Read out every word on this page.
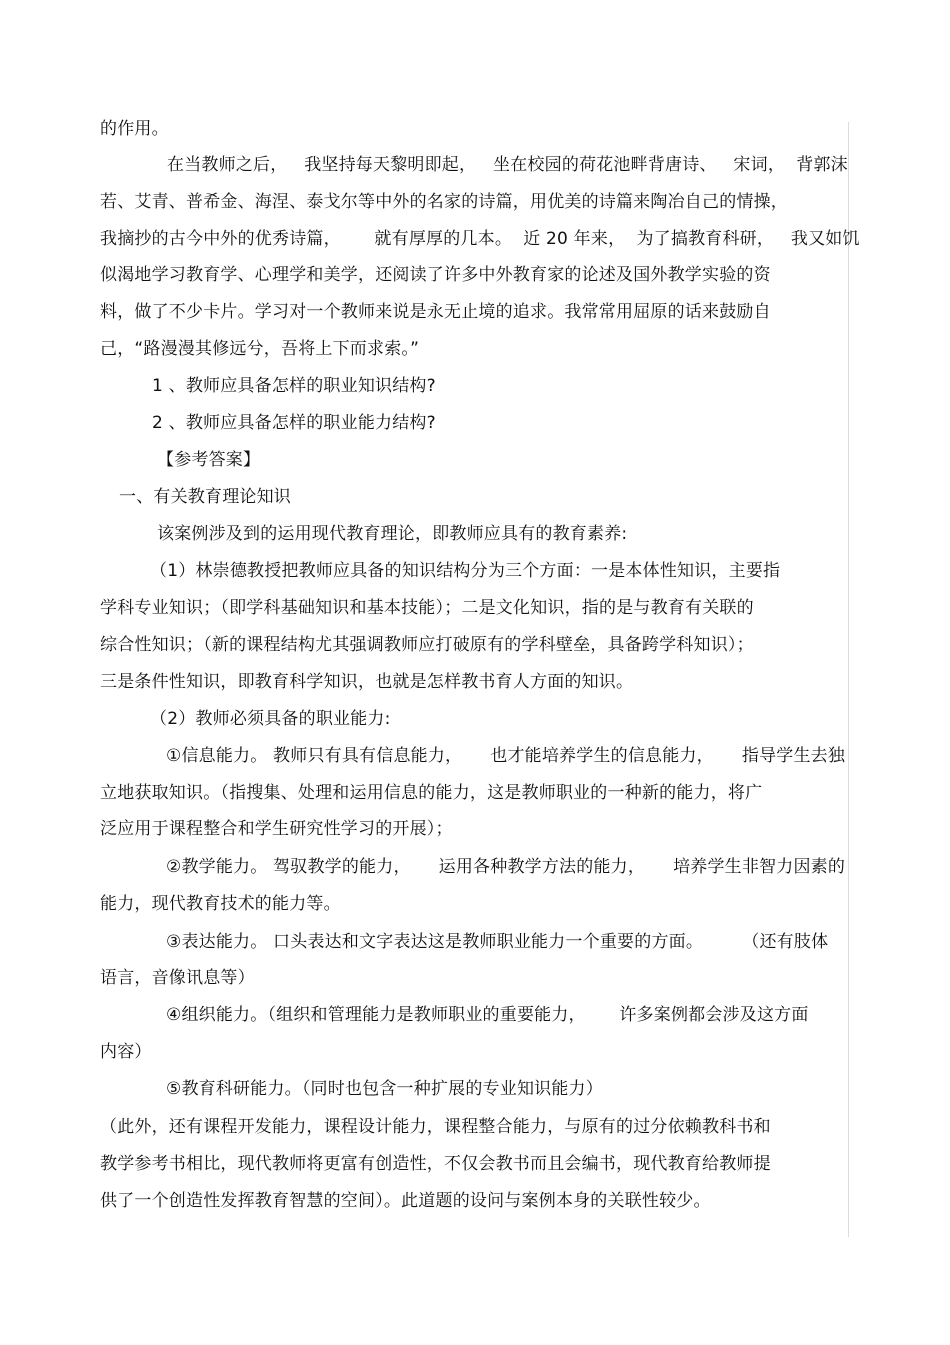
的作用。
在当教师之后，   我坚持每天黎明即起，   坐在校园的荷花池畔背唐诗、   宋词，  背郭沫
若、艾青、普希金、海涅、泰戈尔等中外的名家的诗篇，用优美的诗篇来陶冶自己的情操，
我摘抄的古今中外的优秀诗篇，      就有厚厚的几本。  近 20 年来，  为了搞教育科研，   我又如饥
似渴地学习教育学、心理学和美学，还阅读了许多中外教育家的论述及国外教学实验的资
料，做了不少卡片。学习对一个教师来说是永无止境的追求。我常常用屈原的话来鼓励自
己，“路漫漫其修远兮，吾将上下而求索。”
1 、教师应具备怎样的职业知识结构?
2 、教师应具备怎样的职业能力结构?
【参考答案】
一、有关教育理论知识
该案例涉及到的运用现代教育理论，即教师应具有的教育素养:
（1）林崇德教授把教师应具备的知识结构分为三个方面：一是本体性知识，主要指
学科专业知识；（即学科基础知识和基本技能）；二是文化知识，指的是与教育有关联的
综合性知识；（新的课程结构尤其强调教师应打破原有的学科壁垒，具备跨学科知识）；
三是条件性知识，即教育科学知识，也就是怎样教书育人方面的知识。
（2）教师必须具备的职业能力:
①信息能力。 教师只有具有信息能力，     也才能培养学生的信息能力，     指导学生去独
立地获取知识。（指搜集、处理和运用信息的能力，这是教师职业的一种新的能力，将广
泛应用于课程整合和学生研究性学习的开展）；
②教学能力。 驾驭教学的能力，     运用各种教学方法的能力，     培养学生非智力因素的
能力，现代教育技术的能力等。
③表达能力。 口头表达和文字表达这是教师职业能力一个重要的方面。       （还有肢体
语言，音像讯息等）
④组织能力。（组织和管理能力是教师职业的重要能力，      许多案例都会涉及这方面
内容）
⑤教育科研能力。（同时也包含一种扩展的专业知识能力）
（此外，还有课程开发能力，课程设计能力，课程整合能力，与原有的过分依赖教科书和
教学参考书相比，现代教师将更富有创造性，不仅会教书而且会编书，现代教育给教师提
供了一个创造性发挥教育智慧的空间）。此道题的设问与案例本身的关联性较少。
